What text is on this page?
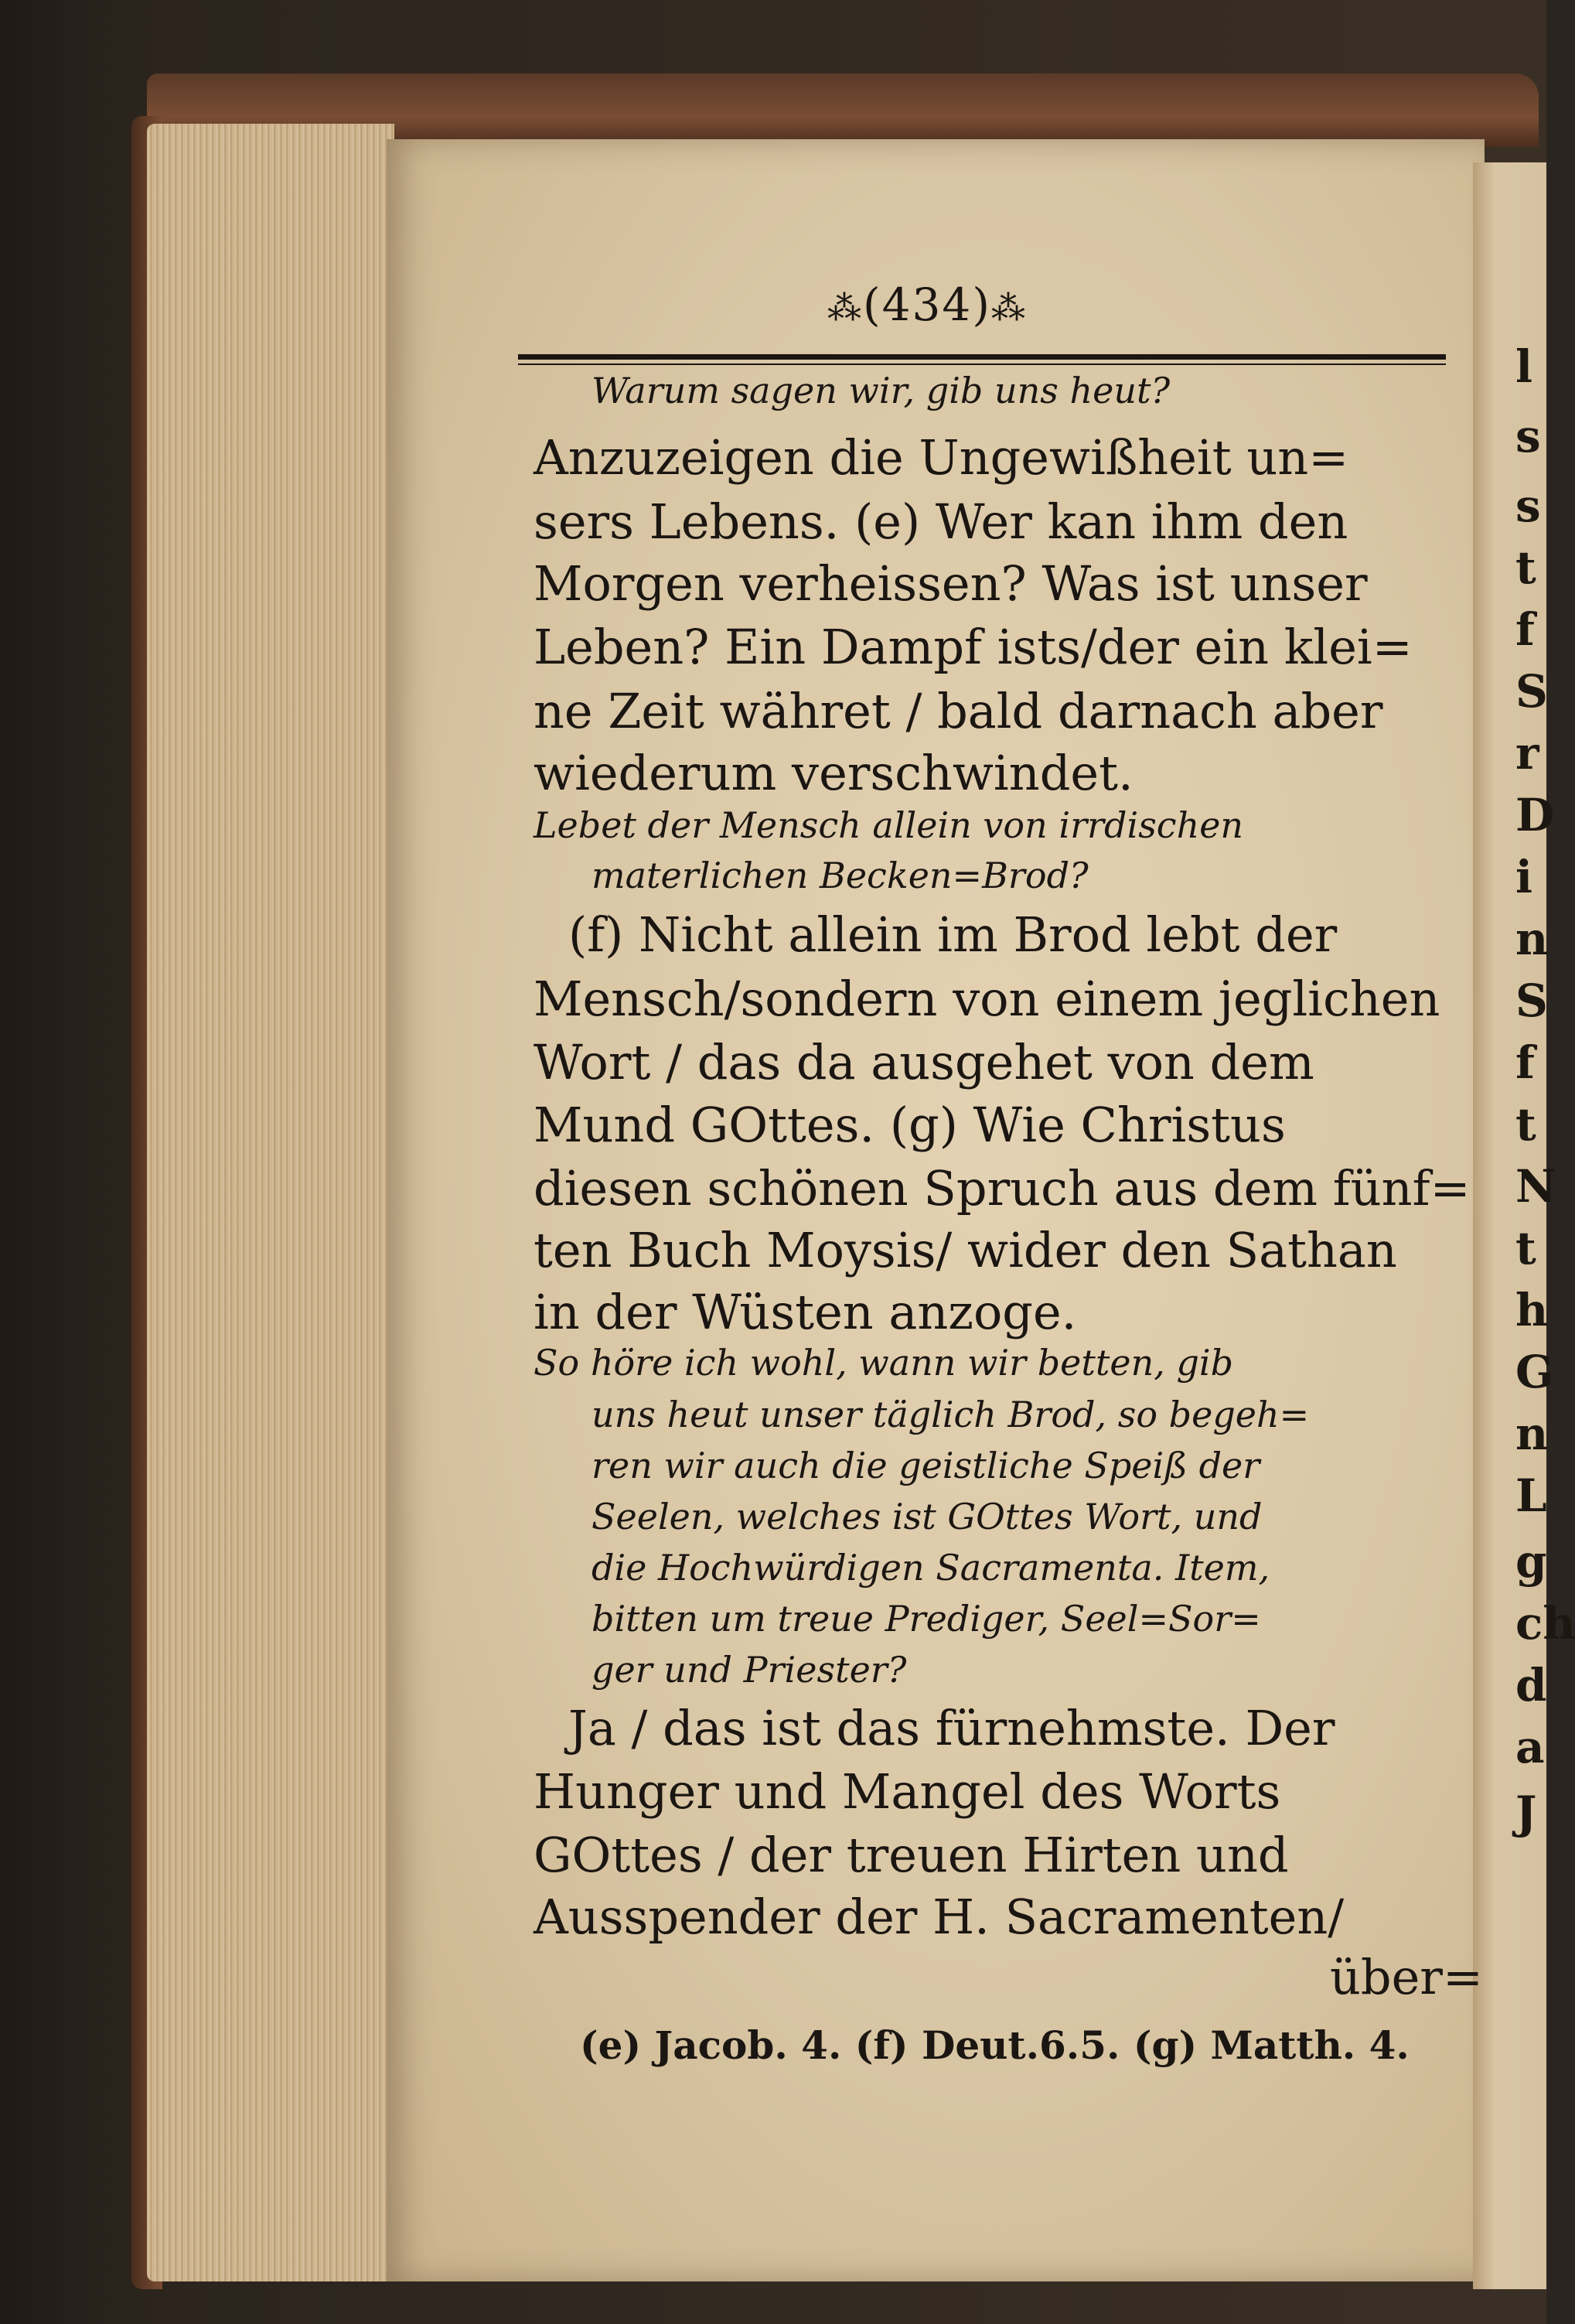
⁂(434)⁂
Warum sagen wir, gib uns heut?
Anzuzeigen die Ungewißheit un=
sers Lebens. (e) Wer kan ihm den
Morgen verheissen? Was ist unser
Leben? Ein Dampf ists/der ein klei=
ne Zeit währet / bald darnach aber
wiederum verschwindet.
Lebet der Mensch allein von irrdischen
materlichen Becken=Brod?
(f) Nicht allein im Brod lebt der
Mensch/sondern von einem jeglichen
Wort / das da ausgehet von dem
Mund GOttes. (g) Wie Christus
diesen schönen Spruch aus dem fünf=
ten Buch Moysis/ wider den Sathan
in der Wüsten anzoge.
So höre ich wohl, wann wir betten, gib
uns heut unser täglich Brod, so begeh=
ren wir auch die geistliche Speiß der
Seelen, welches ist GOttes Wort, und
die Hochwürdigen Sacramenta. Item,
bitten um treue Prediger, Seel=Sor=
ger und Priester?
Ja / das ist das fürnehmste. Der
Hunger und Mangel des Worts
GOttes / der treuen Hirten und
Ausspender der H. Sacramenten/
über=
(e) Jacob. 4. (f) Deut.6.5. (g) Matth. 4.
l
s
s
t
f
S
r
D
i
n
S
f
t
N
t
h
G
n
L
g
ch
d
a
J
